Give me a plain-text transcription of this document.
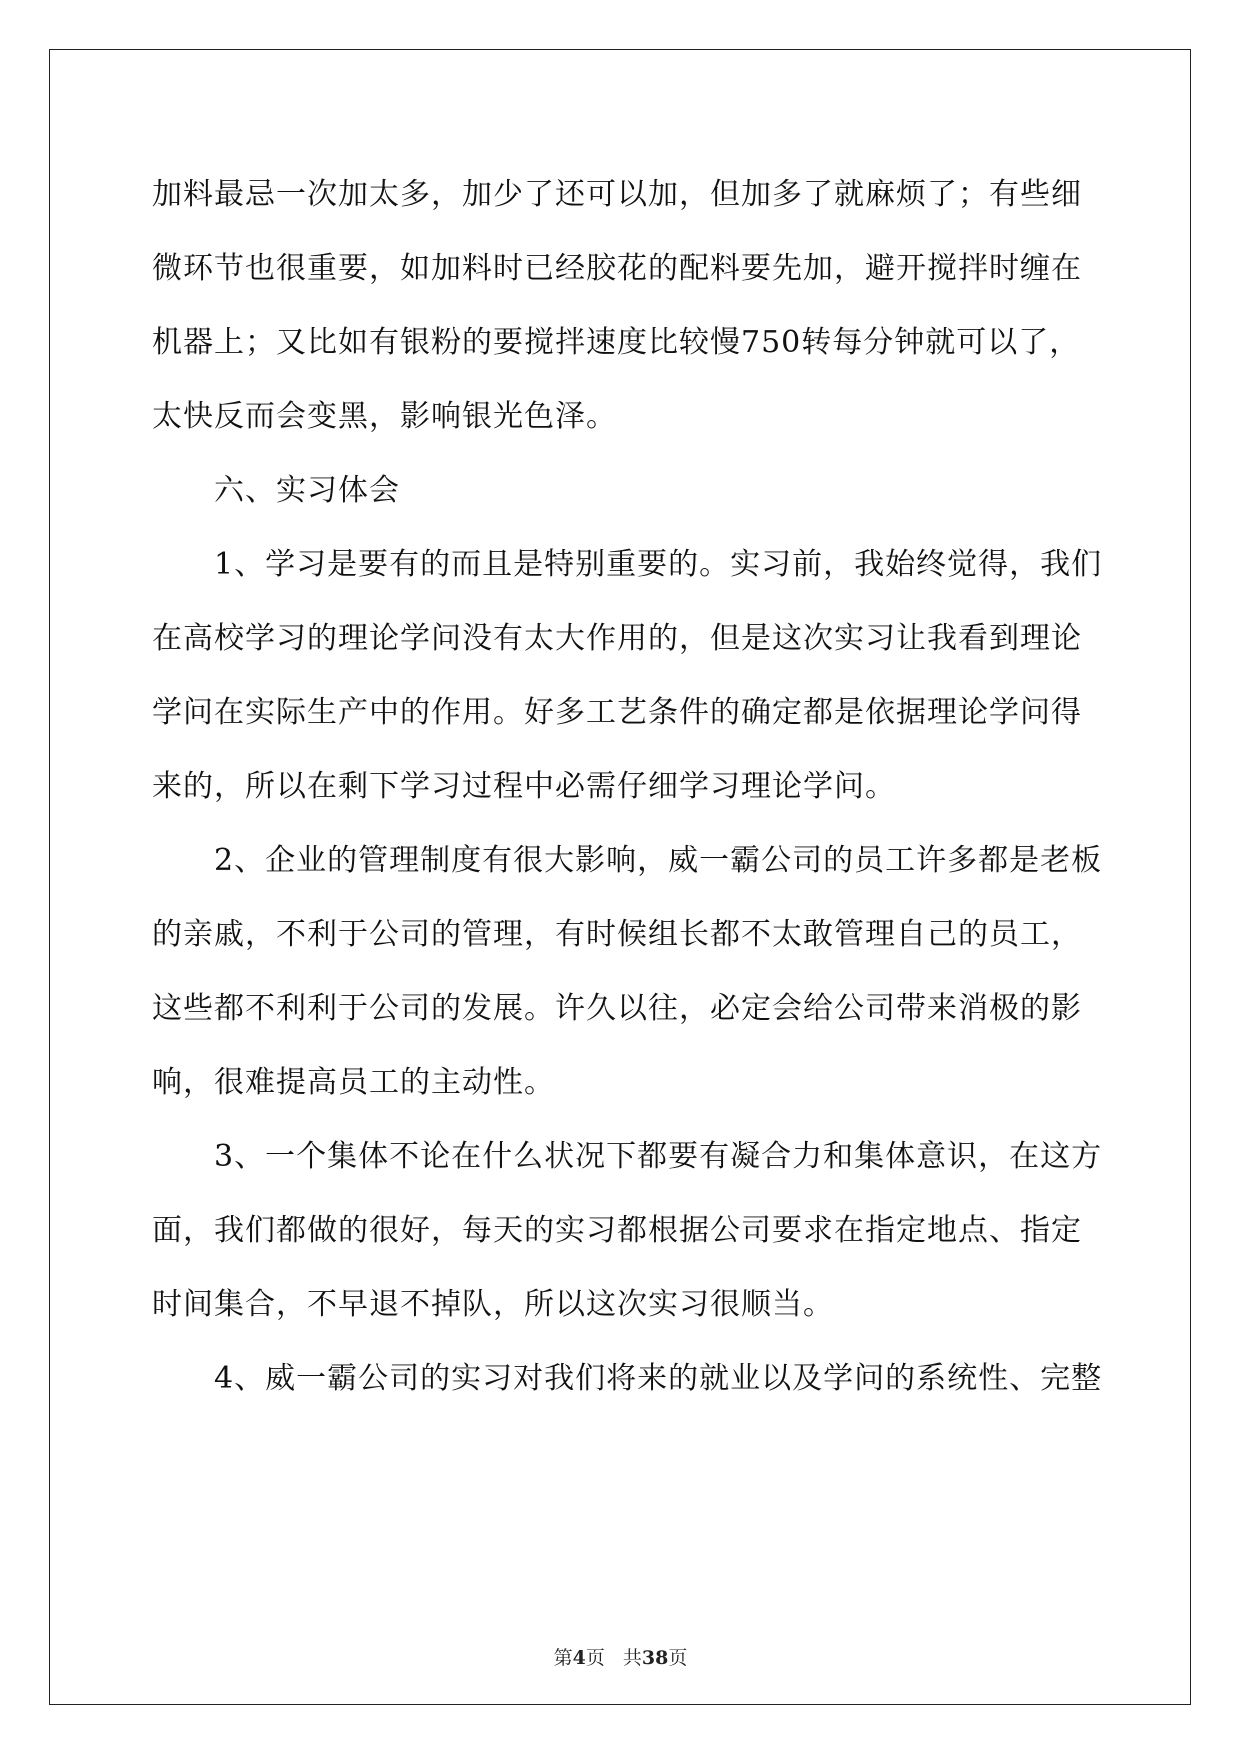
加料最忌一次加太多，加少了还可以加，但加多了就麻烦了；有些细
微环节也很重要，如加料时已经胶花的配料要先加，避开搅拌时缠在
机器上；又比如有银粉的要搅拌速度比较慢750转每分钟就可以了，
太快反而会变黑，影响银光色泽。
六、实习体会
1、学习是要有的而且是特别重要的。实习前，我始终觉得，我们
在高校学习的理论学问没有太大作用的，但是这次实习让我看到理论
学问在实际生产中的作用。好多工艺条件的确定都是依据理论学问得
来的，所以在剩下学习过程中必需仔细学习理论学问。
2、企业的管理制度有很大影响，威一霸公司的员工许多都是老板
的亲戚，不利于公司的管理，有时候组长都不太敢管理自己的员工，
这些都不利利于公司的发展。许久以往，必定会给公司带来消极的影
响，很难提高员工的主动性。
3、一个集体不论在什么状况下都要有凝合力和集体意识，在这方
面，我们都做的很好，每天的实习都根据公司要求在指定地点、指定
时间集合，不早退不掉队，所以这次实习很顺当。
4、威一霸公司的实习对我们将来的就业以及学问的系统性、完整
第4页 共38页
